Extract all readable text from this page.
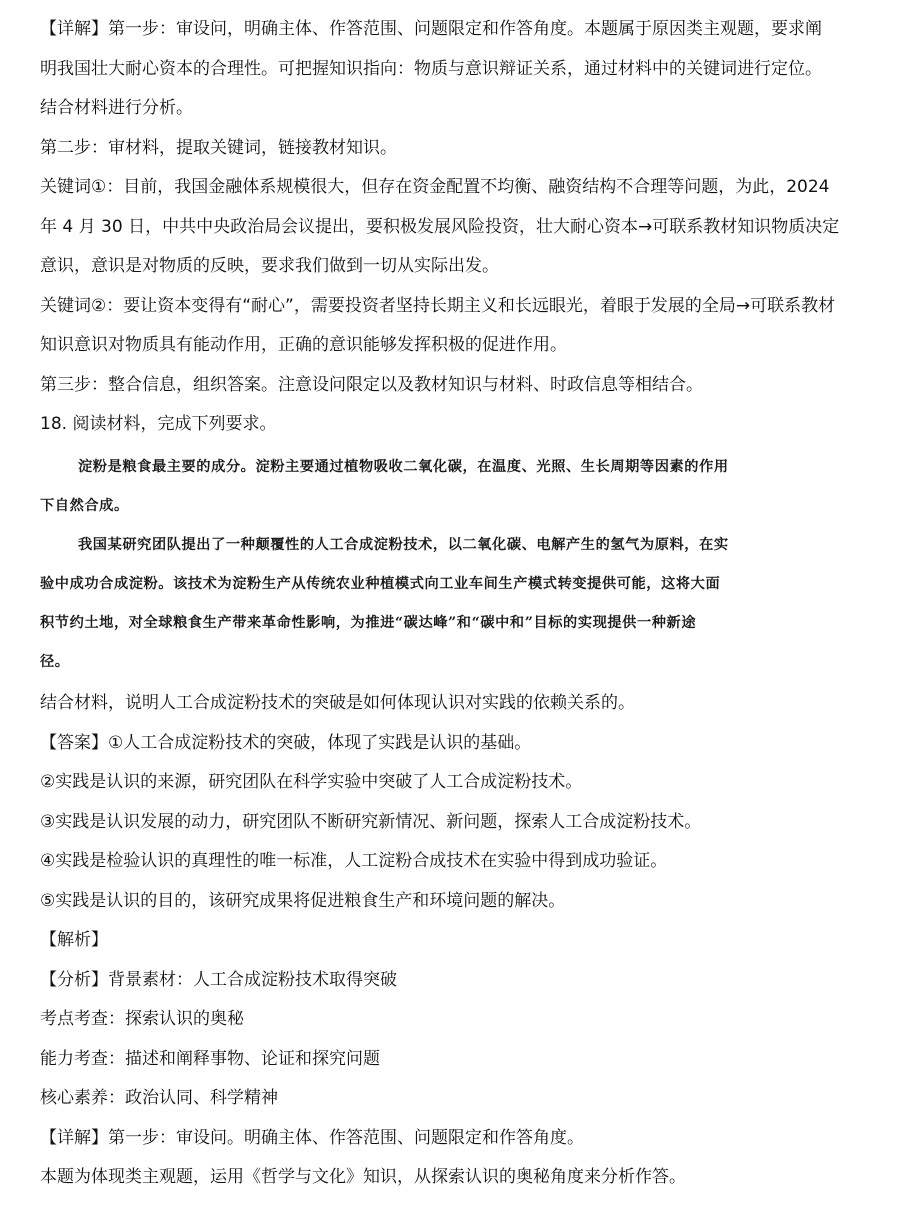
【详解】第一步：审设问，明确主体、作答范围、问题限定和作答角度。本题属于原因类主观题，要求阐
明我国壮大耐心资本的合理性。可把握知识指向：物质与意识辩证关系，通过材料中的关键词进行定位。
结合材料进行分析。
第二步：审材料，提取关键词，链接教材知识。
关键词①：目前，我国金融体系规模很大，但存在资金配置不均衡、融资结构不合理等问题，为此，2024
年 4 月 30 日，中共中央政治局会议提出，要积极发展风险投资，壮大耐心资本→可联系教材知识物质决定
意识，意识是对物质的反映，要求我们做到一切从实际出发。
关键词②：要让资本变得有“耐心”，需要投资者坚持长期主义和长远眼光，着眼于发展的全局→可联系教材
知识意识对物质具有能动作用，正确的意识能够发挥积极的促进作用。
第三步：整合信息，组织答案。注意设问限定以及教材知识与材料、时政信息等相结合。
18. 阅读材料，完成下列要求。
淀粉是粮食最主要的成分。淀粉主要通过植物吸收二氧化碳，在温度、光照、生长周期等因素的作用
下自然合成。
我国某研究团队提出了一种颠覆性的人工合成淀粉技术，以二氧化碳、电解产生的氢气为原料，在实
验中成功合成淀粉。该技术为淀粉生产从传统农业种植模式向工业车间生产模式转变提供可能，这将大面
积节约土地，对全球粮食生产带来革命性影响，为推进“碳达峰”和“碳中和”目标的实现提供一种新途
径。
结合材料，说明人工合成淀粉技术的突破是如何体现认识对实践的依赖关系的。
【答案】①人工合成淀粉技术的突破，体现了实践是认识的基础。
②实践是认识的来源，研究团队在科学实验中突破了人工合成淀粉技术。
③实践是认识发展的动力，研究团队不断研究新情况、新问题，探索人工合成淀粉技术。
④实践是检验认识的真理性的唯一标准，人工淀粉合成技术在实验中得到成功验证。
⑤实践是认识的目的，该研究成果将促进粮食生产和环境问题的解决。
【解析】
【分析】背景素材：人工合成淀粉技术取得突破
考点考查：探索认识的奥秘
能力考查：描述和阐释事物、论证和探究问题
核心素养：政治认同、科学精神
【详解】第一步：审设问。明确主体、作答范围、问题限定和作答角度。
本题为体现类主观题，运用《哲学与文化》知识，从探索认识的奥秘角度来分析作答。
